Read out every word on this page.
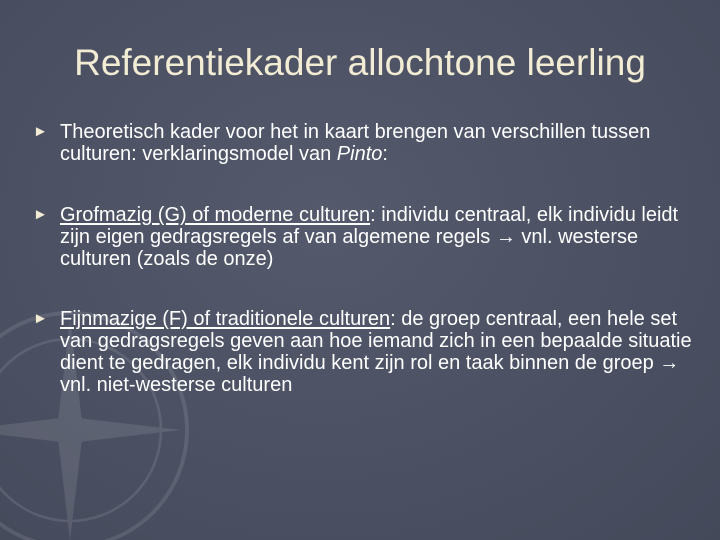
Referentiekader allochtone leerling
► Theoretisch kader voor het in kaart brengen van verschillen tussen culturen: verklaringsmodel van Pinto:
► Grofmazig (G) of moderne culturen: individu centraal, elk individu leidt zijn eigen gedragsregels af van algemene regels → vnl. westerse culturen (zoals de onze)
► Fijnmazige (F) of traditionele culturen: de groep centraal, een hele set van gedragsregels geven aan hoe iemand zich in een bepaalde situatie dient te gedragen, elk individu kent zijn rol en taak binnen de groep → vnl. niet-westerse culturen
